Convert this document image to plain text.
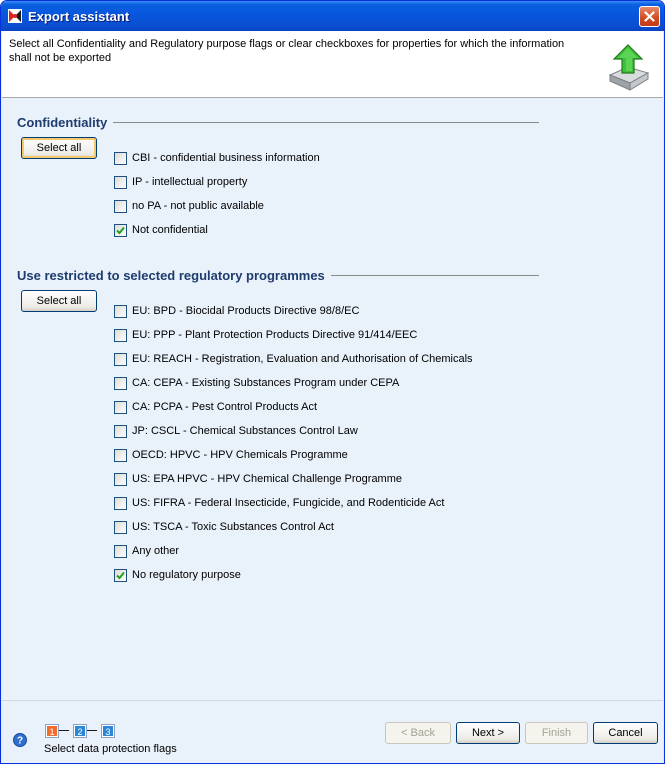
Export assistant
Select all Confidentiality and Regulatory purpose flags or clear checkboxes for properties for which the information shall not be exported
Confidentiality
Select all
CBI - confidential business information
IP - intellectual property
no PA - not public available
Not confidential
Use restricted to selected regulatory programmes
Select all
EU: BPD - Biocidal Products Directive 98/8/EC
EU: PPP - Plant Protection Products Directive 91/414/EEC
EU: REACH - Registration, Evaluation and Authorisation of Chemicals
CA: CEPA - Existing Substances Program under CEPA
CA: PCPA - Pest Control Products Act
JP: CSCL - Chemical Substances Control Law
OECD: HPVC - HPV Chemicals Programme
US: EPA HPVC - HPV Chemical Challenge Programme
US: FIFRA - Federal Insecticide, Fungicide, and Rodenticide Act
US: TSCA - Toxic Substances Control Act
Any other
No regulatory purpose
?
1	2	3
Select data protection flags
< Back	Next >	Finish	Cancel
